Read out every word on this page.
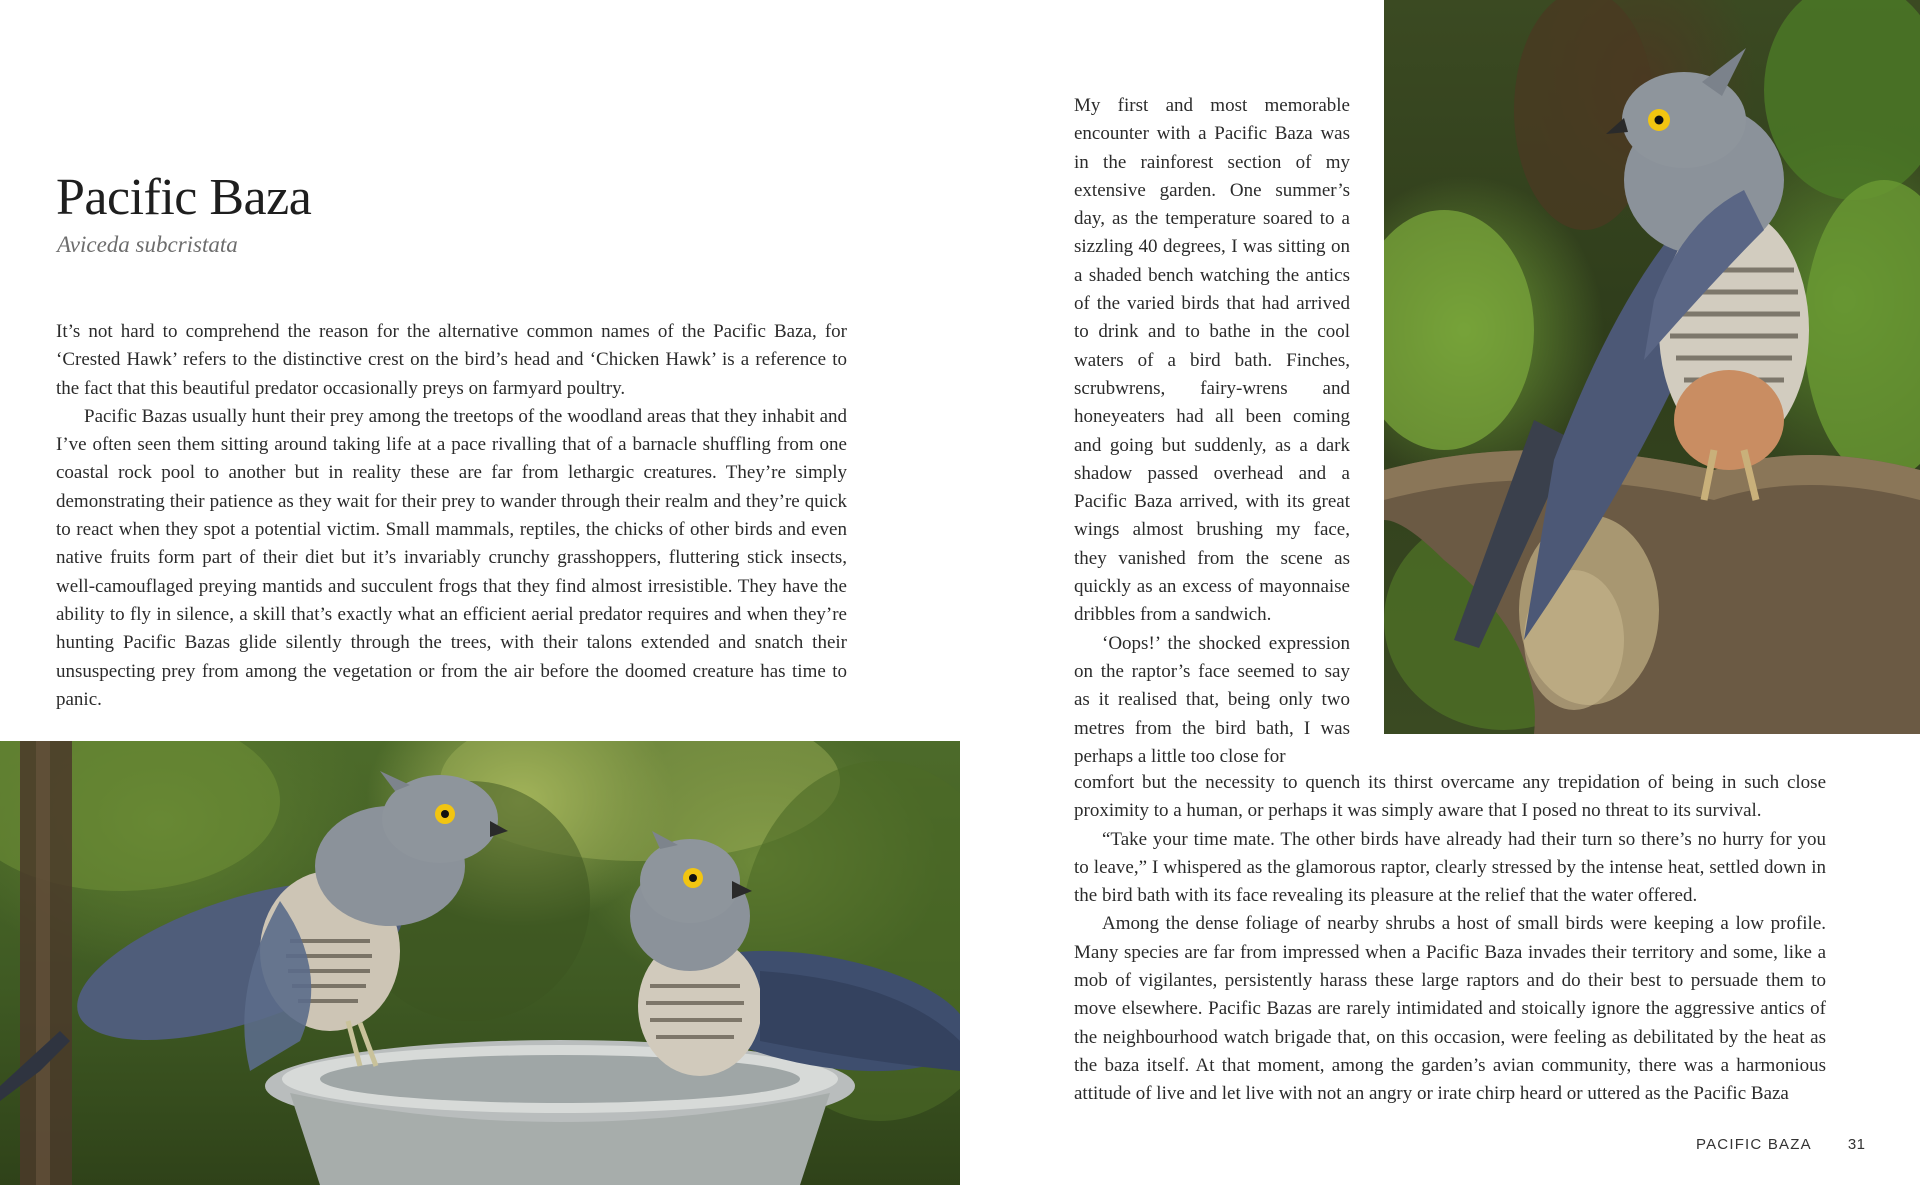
Pacific Baza
Aviceda subcristata

It’s not hard to comprehend the reason for the alternative common names of the Pacific Baza, for ‘Crested Hawk’ refers to the distinctive crest on the bird’s head and ‘Chicken Hawk’ is a reference to the fact that this beautiful predator occasionally preys on farmyard poultry.

Pacific Bazas usually hunt their prey among the treetops of the woodland areas that they inhabit and I’ve often seen them sitting around taking life at a pace rivalling that of a barnacle shuffling from one coastal rock pool to another but in reality these are far from lethargic creatures. They’re simply demonstrating their patience as they wait for their prey to wander through their realm and they’re quick to react when they spot a potential victim. Small mammals, reptiles, the chicks of other birds and even native fruits form part of their diet but it’s invariably crunchy grasshoppers, fluttering stick insects, well-camouflaged preying mantids and succulent frogs that they find almost irresistible. They have the ability to fly in silence, a skill that’s exactly what an efficient aerial predator requires and when they’re hunting Pacific Bazas glide silently through the trees, with their talons extended and snatch their unsuspecting prey from among the vegetation or from the air before the doomed creature has time to panic.

My first and most memorable encounter with a Pacific Baza was in the rainforest section of my extensive garden. One summer’s day, as the temperature soared to a sizzling 40 degrees, I was sitting on a shaded bench watching the antics of the varied birds that had arrived to drink and to bathe in the cool waters of a bird bath. Finches, scrubwrens, fairy-wrens and honeyeaters had all been coming and going but suddenly, as a dark shadow passed overhead and a Pacific Baza arrived, with its great wings almost brushing my face, they vanished from the scene as quickly as an excess of mayonnaise dribbles from a sandwich.

‘Oops!’ the shocked expression on the raptor’s face seemed to say as it realised that, being only two metres from the bird bath, I was perhaps a little too close for

comfort but the necessity to quench its thirst overcame any trepidation of being in such close proximity to a human, or perhaps it was simply aware that I posed no threat to its survival.

“Take your time mate. The other birds have already had their turn so there’s no hurry for you to leave,” I whispered as the glamorous raptor, clearly stressed by the intense heat, settled down in the bird bath with its face revealing its pleasure at the relief that the water offered.

Among the dense foliage of nearby shrubs a host of small birds were keeping a low profile. Many species are far from impressed when a Pacific Baza invades their territory and some, like a mob of vigilantes, persistently harass these large raptors and do their best to persuade them to move elsewhere. Pacific Bazas are rarely intimidated and stoically ignore the aggressive antics of the neighbourhood watch brigade that, on this occasion, were feeling as debilitated by the heat as the baza itself. At that moment, among the garden’s avian community, there was a harmonious attitude of live and let live with not an angry or irate chirp heard or uttered as the Pacific Baza

PACIFIC BAZA 31
